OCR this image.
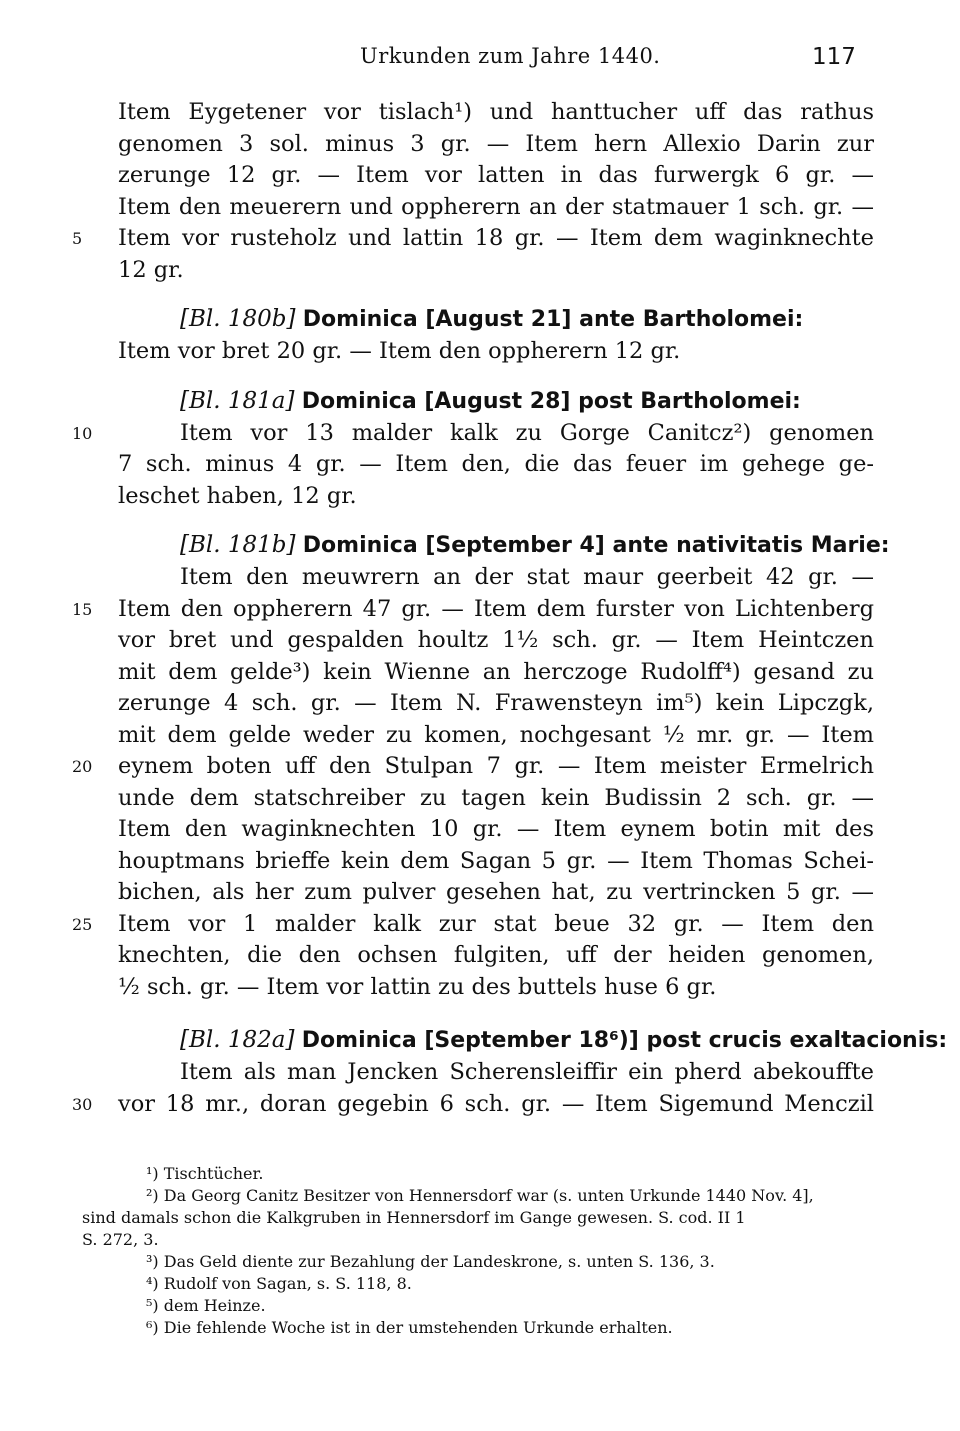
Urkunden zum Jahre 1440.	117
Item Eygetener vor tislach¹) und hanttucher uff das rathus
genomen 3 sol. minus 3 gr. — Item hern Allexio Darin zur
zerunge 12 gr. — Item vor latten in das furwergk 6 gr. —
Item den meuerern und oppherern an der statmauer 1 sch. gr. —
Item vor rusteholz und lattin 18 gr. — Item dem waginknechte
5
12 gr.
[Bl. 180b] Dominica [August 21] ante Bartholomei:
Item vor bret 20 gr. — Item den oppherern 12 gr.
[Bl. 181a] Dominica [August 28] post Bartholomei:
Item vor 13 malder kalk zu Gorge Canitcz²) genomen
10
7 sch. minus 4 gr. — Item den, die das feuer im gehege ge-
leschet haben, 12 gr.
[Bl. 181b] Dominica [September 4] ante nativitatis Marie:
Item den meuwrern an der stat maur geerbeit 42 gr. —
Item den oppherern 47 gr. — Item dem furster von Lichtenberg
15
vor bret und gespalden houltz 1½ sch. gr. — Item Heintczen
mit dem gelde³) kein Wienne an herczoge Rudolff⁴) gesand zu
zerunge 4 sch. gr. — Item N. Frawensteyn im⁵) kein Lipczgk,
mit dem gelde weder zu komen, nochgesant ½ mr. gr. — Item
eynem boten uff den Stulpan 7 gr. — Item meister Ermelrich
20
unde dem statschreiber zu tagen kein Budissin 2 sch. gr. —
Item den waginknechten 10 gr. — Item eynem botin mit des
houptmans brieffe kein dem Sagan 5 gr. — Item Thomas Schei-
bichen, als her zum pulver gesehen hat, zu vertrincken 5 gr. —
Item vor 1 malder kalk zur stat beue 32 gr. — Item den
25
knechten, die den ochsen fulgiten, uff der heiden genomen,
½ sch. gr. — Item vor lattin zu des buttels huse 6 gr.
[Bl. 182a] Dominica [September 18⁶)] post crucis exaltacionis:
Item als man Jencken Scherensleiffir ein pherd abekouffte
vor 18 mr., doran gegebin 6 sch. gr. — Item Sigemund Menczil
30
¹) Tischtücher.
²) Da Georg Canitz Besitzer von Hennersdorf war (s. unten Urkunde 1440 Nov. 4],
sind damals schon die Kalkgruben in Hennersdorf im Gange gewesen. S. cod. II 1
S. 272, 3.
³) Das Geld diente zur Bezahlung der Landeskrone, s. unten S. 136, 3.
⁴) Rudolf von Sagan, s. S. 118, 8.
⁵) dem Heinze.
⁶) Die fehlende Woche ist in der umstehenden Urkunde erhalten.
